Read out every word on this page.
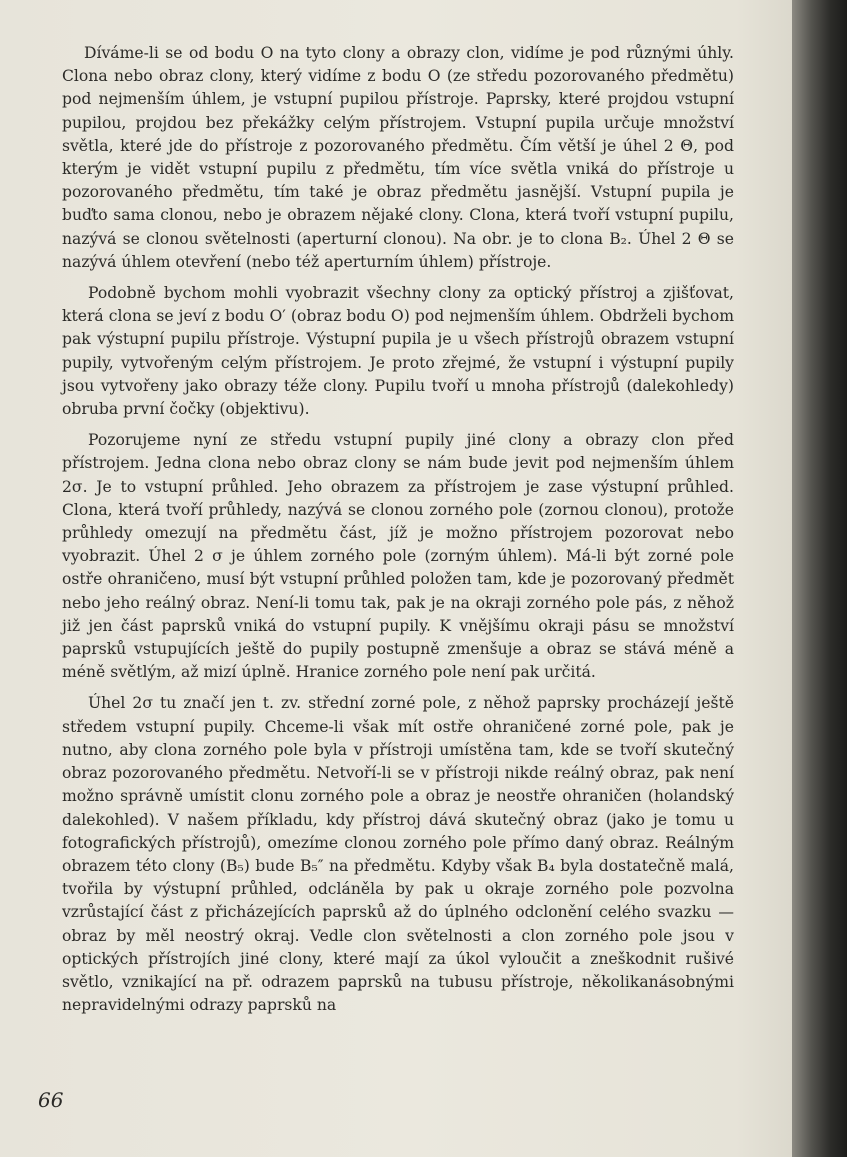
Díváme-li se od bodu O na tyto clony a obrazy clon, vidíme je pod různými úhly. Clona nebo obraz clony, který vidíme z bodu O (ze středu pozorovaného předmětu) pod nejmenším úhlem, je vstupní pupilou přístroje. Paprsky, které projdou vstupní pupilou, projdou bez překážky celým přístrojem. Vstupní pupila určuje množství světla, které jde do přístroje z pozorovaného předmětu. Čím větší je úhel 2 Θ, pod kterým je vidět vstupní pupilu z předmětu, tím více světla vniká do přístroje u pozorovaného předmětu, tím také je obraz předmětu jasnější. Vstupní pupila je buďto sama clonou, nebo je obrazem nějaké clony. Clona, která tvoří vstupní pupilu, nazývá se clonou světelnosti (aperturní clonou). Na obr. je to clona B₂. Úhel 2 Θ se nazývá úhlem otevření (nebo též aperturním úhlem) přístroje.

Podobně bychom mohli vyobrazit všechny clony za optický přístroj a zjišťovat, která clona se jeví z bodu O′ (obraz bodu O) pod nejmenším úhlem. Obdrželi bychom pak výstupní pupilu přístroje. Výstupní pupila je u všech přístrojů obrazem vstupní pupily, vytvořeným celým přístrojem. Je proto zřejmé, že vstupní i výstupní pupily jsou vytvořeny jako obrazy téže clony. Pupilu tvoří u mnoha přístrojů (dalekohledy) obruba první čočky (objektivu).

Pozorujeme nyní ze středu vstupní pupily jiné clony a obrazy clon před přístrojem. Jedna clona nebo obraz clony se nám bude jevit pod nejmenším úhlem 2σ. Je to vstupní průhled. Jeho obrazem za přístrojem je zase výstupní průhled. Clona, která tvoří průhledy, nazývá se clonou zorného pole (zornou clonou), protože průhledy omezují na předmětu část, jíž je možno přístrojem pozorovat nebo vyobrazit. Úhel 2 σ je úhlem zorného pole (zorným úhlem). Má-li být zorné pole ostře ohraničeno, musí být vstupní průhled položen tam, kde je pozorovaný předmět nebo jeho reálný obraz. Není-li tomu tak, pak je na okraji zorného pole pás, z něhož již jen část paprsků vniká do vstupní pupily. K vnějšímu okraji pásu se množství paprsků vstupujících ještě do pupily postupně zmenšuje a obraz se stává méně a méně světlým, až mizí úplně. Hranice zorného pole není pak určitá.

Úhel 2σ tu značí jen t. zv. střední zorné pole, z něhož paprsky procházejí ještě středem vstupní pupily. Chceme-li však mít ostře ohraničené zorné pole, pak je nutno, aby clona zorného pole byla v přístroji umístěna tam, kde se tvoří skutečný obraz pozorovaného předmětu. Netvoří-li se v přístroji nikde reálný obraz, pak není možno správně umístit clonu zorného pole a obraz je neostře ohraničen (holandský dalekohled). V našem příkladu, kdy přístroj dává skutečný obraz (jako je tomu u fotografických přístrojů), omezíme clonou zorného pole přímo daný obraz. Reálným obrazem této clony (B₅) bude B₅″ na předmětu. Kdyby však B₄ byla dostatečně malá, tvořila by výstupní průhled, odcláněla by pak u okraje zorného pole pozvolna vzrůstající část z přicházejících paprsků až do úplného odclonění celého svazku — obraz by měl neostrý okraj. Vedle clon světelnosti a clon zorného pole jsou v optických přístrojích jiné clony, které mají za úkol vyloučit a zneškodnit rušivé světlo, vznikající na př. odrazem paprsků na tubusu přístroje, několikanásobnými nepravidelnými odrazy paprsků na

66
